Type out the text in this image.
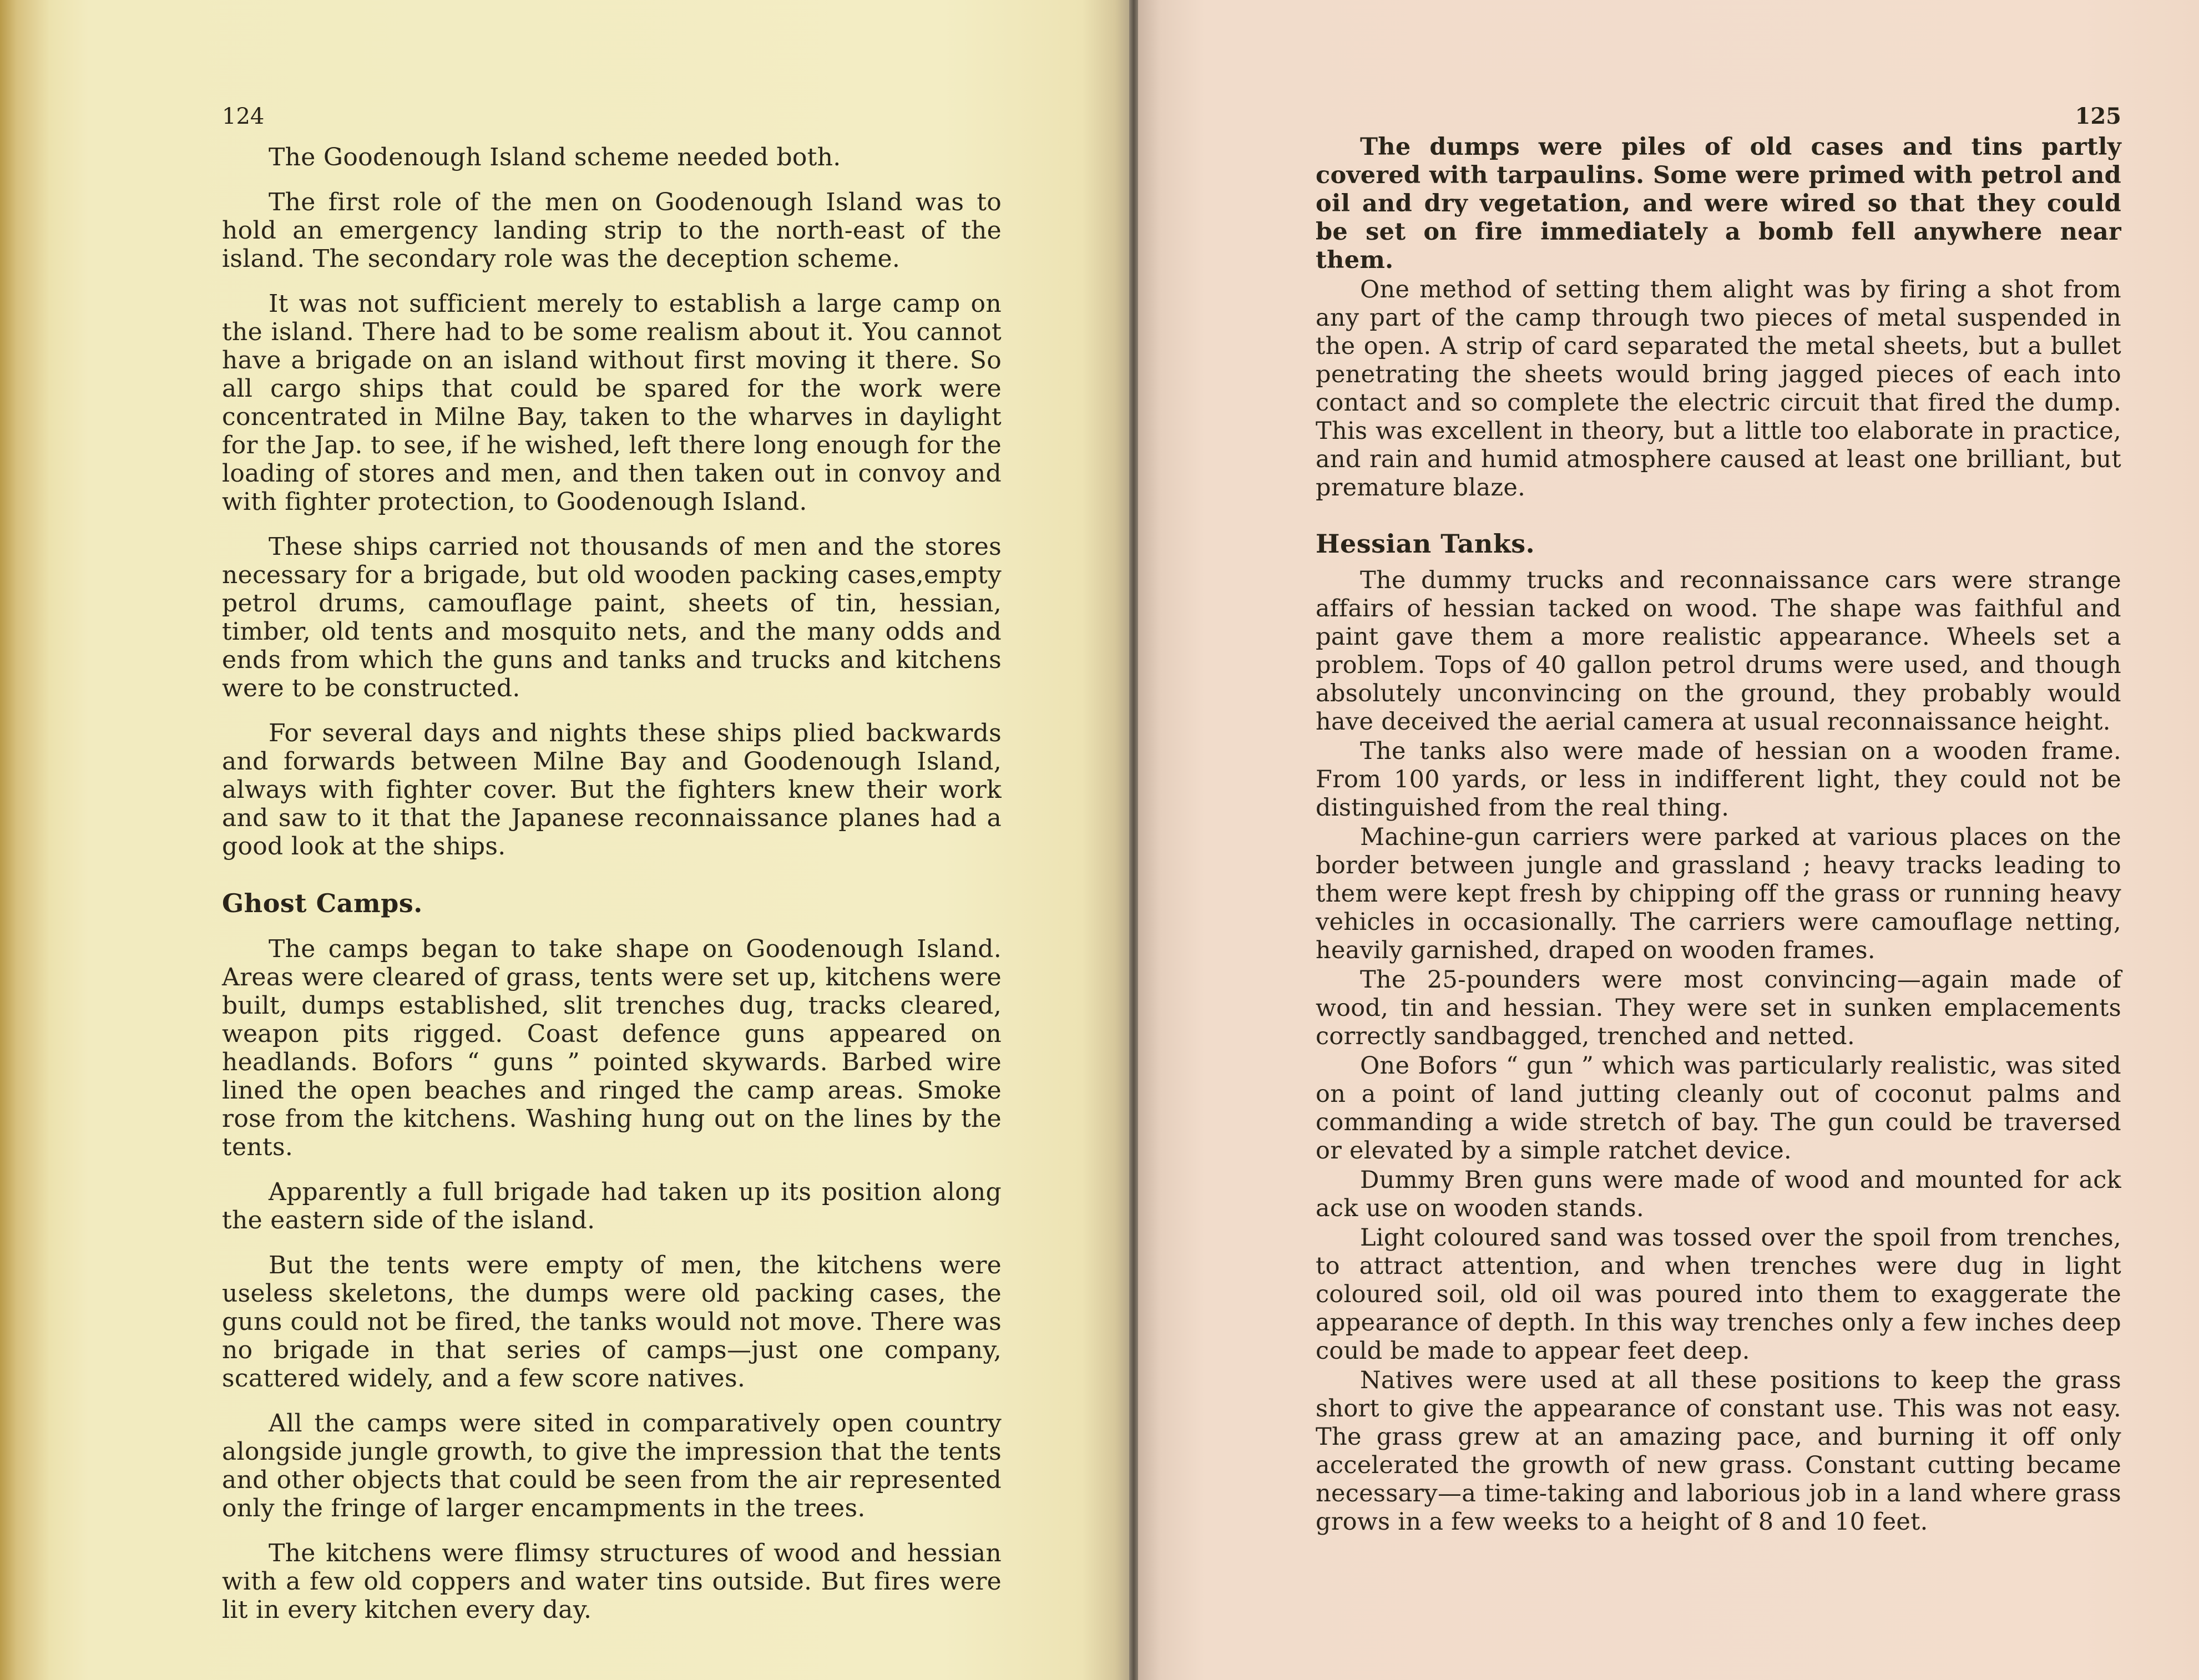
124

The Goodenough Island scheme needed both.

The first role of the men on Goodenough Island was to hold an emergency landing strip to the north-east of the island. The secondary role was the deception scheme.

It was not sufficient merely to establish a large camp on the island. There had to be some realism about it. You cannot have a brigade on an island without first moving it there. So all cargo ships that could be spared for the work were concentrated in Milne Bay, taken to the wharves in daylight for the Jap. to see, if he wished, left there long enough for the loading of stores and men, and then taken out in convoy and with fighter protection, to Goodenough Island.

These ships carried not thousands of men and the stores necessary for a brigade, but old wooden packing cases,empty petrol drums, camouflage paint, sheets of tin, hessian, timber, old tents and mosquito nets, and the many odds and ends from which the guns and tanks and trucks and kitchens were to be constructed.

For several days and nights these ships plied backwards and forwards between Milne Bay and Goodenough Island, always with fighter cover. But the fighters knew their work and saw to it that the Japanese reconnaissance planes had a good look at the ships.

Ghost Camps.

The camps began to take shape on Goodenough Island. Areas were cleared of grass, tents were set up, kitchens were built, dumps established, slit trenches dug, tracks cleared, weapon pits rigged. Coast defence guns appeared on headlands. Bofors “ guns ” pointed skywards. Barbed wire lined the open beaches and ringed the camp areas. Smoke rose from the kitchens. Washing hung out on the lines by the tents.

Apparently a full brigade had taken up its position along the eastern side of the island.

But the tents were empty of men, the kitchens were useless skeletons, the dumps were old packing cases, the guns could not be fired, the tanks would not move. There was no brigade in that series of camps—just one company, scattered widely, and a few score natives.

All the camps were sited in comparatively open country alongside jungle growth, to give the impression that the tents and other objects that could be seen from the air represented only the fringe of larger encampments in the trees.

The kitchens were flimsy structures of wood and hessian with a few old coppers and water tins outside. But fires were lit in every kitchen every day.

125

The dumps were piles of old cases and tins partly covered with tarpaulins. Some were primed with petrol and oil and dry vegetation, and were wired so that they could be set on fire immediately a bomb fell anywhere near them.

One method of setting them alight was by firing a shot from any part of the camp through two pieces of metal suspended in the open. A strip of card separated the metal sheets, but a bullet penetrating the sheets would bring jagged pieces of each into contact and so complete the electric circuit that fired the dump. This was excellent in theory, but a little too elaborate in practice, and rain and humid atmosphere caused at least one brilliant, but premature blaze.

Hessian Tanks.

The dummy trucks and reconnaissance cars were strange affairs of hessian tacked on wood. The shape was faithful and paint gave them a more realistic appearance. Wheels set a problem. Tops of 40 gallon petrol drums were used, and though absolutely unconvincing on the ground, they probably would have deceived the aerial camera at usual reconnaissance height.

The tanks also were made of hessian on a wooden frame. From 100 yards, or less in indifferent light, they could not be distinguished from the real thing.

Machine-gun carriers were parked at various places on the border between jungle and grassland ; heavy tracks leading to them were kept fresh by chipping off the grass or running heavy vehicles in occasionally. The carriers were camouflage netting, heavily garnished, draped on wooden frames.

The 25-pounders were most convincing—again made of wood, tin and hessian. They were set in sunken emplacements correctly sandbagged, trenched and netted.

One Bofors “ gun ” which was particularly realistic, was sited on a point of land jutting cleanly out of coconut palms and commanding a wide stretch of bay. The gun could be traversed or elevated by a simple ratchet device.

Dummy Bren guns were made of wood and mounted for ack ack use on wooden stands.

Light coloured sand was tossed over the spoil from trenches, to attract attention, and when trenches were dug in light coloured soil, old oil was poured into them to exaggerate the appearance of depth. In this way trenches only a few inches deep could be made to appear feet deep.

Natives were used at all these positions to keep the grass short to give the appearance of constant use. This was not easy. The grass grew at an amazing pace, and burning it off only accelerated the growth of new grass. Constant cutting became necessary—a time-taking and laborious job in a land where grass grows in a few weeks to a height of 8 and 10 feet.
